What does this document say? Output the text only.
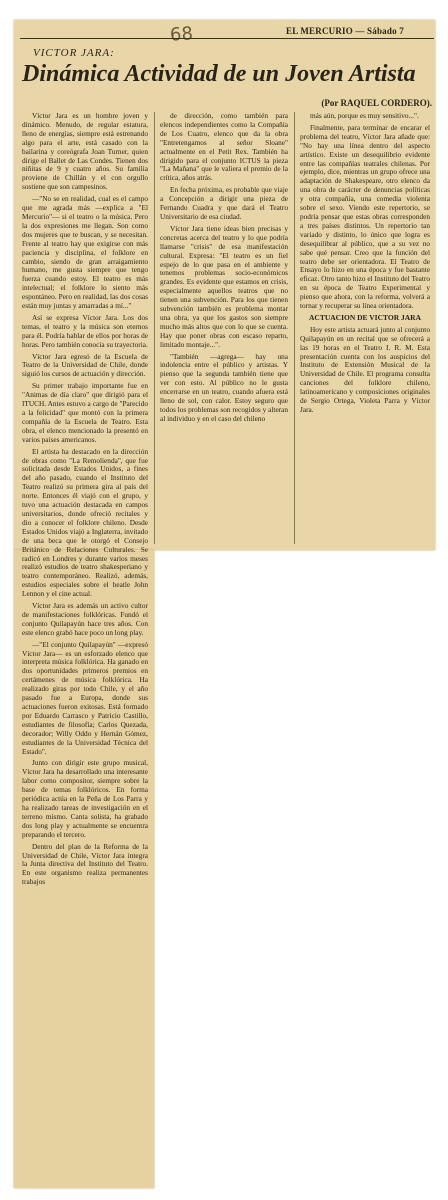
68	EL MERCURIO — Sábado 7
VICTOR JARA:
Dinámica Actividad de un Joven Artista
(Por RAQUEL CORDERO).

Víctor Jara es un hombre joven y dinámico. Menudo, de regular estatura, lleno de energías, siempre está estrenando algo para el arte, está casado con la bailarina y coreógrafa Joan Turner, quien dirige el Ballet de Las Condes. Tienen dos niñitas de 9 y cuatro años. Su familia proviene de Chillán y el con orgullo sostiene que son campesinos.

—"No se en realidad, cual es el campo que me agrada más —explica a "El Mercurio"— si el teatro o la música. Pero la dos expresiones me llegan. Son como dos mujeres que te buscan, y se necesitan. Frente al teatro hay que exigirse con más paciencia y disciplina, el folklore en cambio, siendo de gran arraigamiento humano, me gusta siempre que tengo fuerza cuando estoy. El teatro es más intelectual; el folklore lo siento más espontáneo. Pero en realidad, las dos cosas están muy juntas y amarradas a mí..."

Así se expresa Víctor Jara. Los dos temas, el teatro y la música son eternos para él. Podría hablar de ellos por horas de horas. Pero también conocía su trayectoria.

Víctor Jara egresó de la Escuela de Teatro de la Universidad de Chile, donde siguió los cursos de actuación y dirección.

Su primer trabajo importante fue en "Animas de día claro" que dirigió para el ITUCH. Antes estuvo a cargo de "Parecido a la felicidad" que montó con la primera compañía de la Escuela de Teatro. Esta obra, el elenco mencionado la presentó en varios países americanos.

El artista ha destacado en la dirección de obras como "La Remolienda", que fue solicitada desde Estados Unidos, a fines del año pasado, cuando el Instituto del Teatro realizó su primera gira al país del norte. Entonces él viajó con el grupo, y tuvo una actuación destacada en campos universitarios, donde ofreció recitales y dio a conocer el folklore chileno. Desde Estados Unidos viajó a Inglaterra, invitado de una beca que le otorgó el Consejo Británico de Relaciones Culturales. Se radicó en Londres y durante varios meses realizó estudios de teatro shakesperiano y teatro contemporáneo. Realizó, además, estudios especiales sobre el beatle John Lennon y el cine actual.

Víctor Jara es además un activo cultor de manifestaciones folklóricas. Fundó el conjunto Quilapayún hace tres años. Con este elenco grabó hace poco un long play.

—"El conjunto Quilapayún" —expresó Víctor Jara— es un esforzado elenco que interpreta música folklórica. Ha ganado en dos oportunidades primeros premios en certámenes de música folklórica. Ha realizado giras por todo Chile, y el año pasado fue a Europa, donde sus actuaciones fueron exitosas. Está formado por Eduardo Carrasco y Patricio Castillo, estudiantes de filosofía; Carlos Quezada, decorador; Willy Oddo y Hernán Gómez, estudiantes de la Universidad Técnica del Estado".

Junto con dirigir este grupo musical, Víctor Jara ha desarrollado una interesante labor como compositor, siempre sobre la base de temas folklóricos. En forma periódica actúa en la Peña de Los Parra y ha realizado tareas de investigación en el terreno mismo. Canta solista, ha grabado dos long play y actualmente se encuentra preparando el tercero.

Dentro del plan de la Reforma de la Universidad de Chile, Víctor Jara integra la Junta directiva del Instituto del Teatro. En este organismo realiza permanentes trabajos

de dirección, como también para elencos independientes como la Compañía de Los Cuatro, elenco que da la obra "Entretengamos al señor Sloane" actualmente en el Petit Rex. También ha dirigido para el conjunto ICTUS la pieza "La Mañana" que le valiera el premio de la crítica, años atrás.

En fecha próxima, es probable que viaje a Concepción a dirigir una pieza de Fernando Cuadra y que dará el Teatro Universitario de esa ciudad.

Víctor Jara tiene ideas bien precisas y concretas acerca del teatro y lo que podría llamarse "crisis" de esa manifestación cultural. Expresa: "El teatro es un fiel espejo de lo que pasa en el ambiente y tenemos problemas socio-económicos grandes. Es evidente que estamos en crisis, especialmente aquellos teatros que no tienen una subvención. Para los que tienen subvención también es problema montar una obra, ya que los gastos son siempre mucho más altos que con lo que se cuenta. Hay que poner obras con escaso reparto, limitado montaje...".

"También —agrega— hay una indolencia entre el público y artistas. Y pienso que la segunda también tiene que ver con esto. Al público no le gusta encerrarse en un teatro, cuando afuera está lleno de sol, con calor. Estoy seguro que todos los problemas son recogidos y alteran al individuo y en el caso del chileno

más aún, porque es muy sensitivo...".

Finalmente, para terminar de encarar el problema del teatro, Víctor Jara añade que: "No hay una línea dentro del aspecto artístico. Existe un desequilibrio evidente entre las compañías teatrales chilenas. Por ejemplo, dice, mientras un grupo ofrece una adaptación de Shakespeare, otro elenco da una obra de carácter de denuncias políticas y otra compañía, una comedia violenta sobre el sexo. Viendo este repertorio, se podría pensar que estas obras corresponden a tres países distintos. Un repertorio tan variado y distinto, lo único que logra es desequilibrar al público, que a su vez no sabe qué pensar. Creo que la función del teatro debe ser orientadora. El Teatro de Ensayo lo hizo en una época y fue bastante eficaz. Otro tanto hizo el Instituto del Teatro en su época de Teatro Experimental y pienso que ahora, con la reforma, volverá a tornar y recuperar su línea orientadora.

ACTUACION DE VICTOR JARA

Hoy este artista actuará junto al conjunto Quilapayún en un recital que se ofrecerá a las 19 horas en el Teatro I. R. M. Esta presentación cuenta con los auspicios del Instituto de Extensión Musical de la Universidad de Chile. El programa consulta canciones del folklore chileno, latinoamericano y composiciones originales de Sergio Ortega, Violeta Parra y Víctor Jara.
